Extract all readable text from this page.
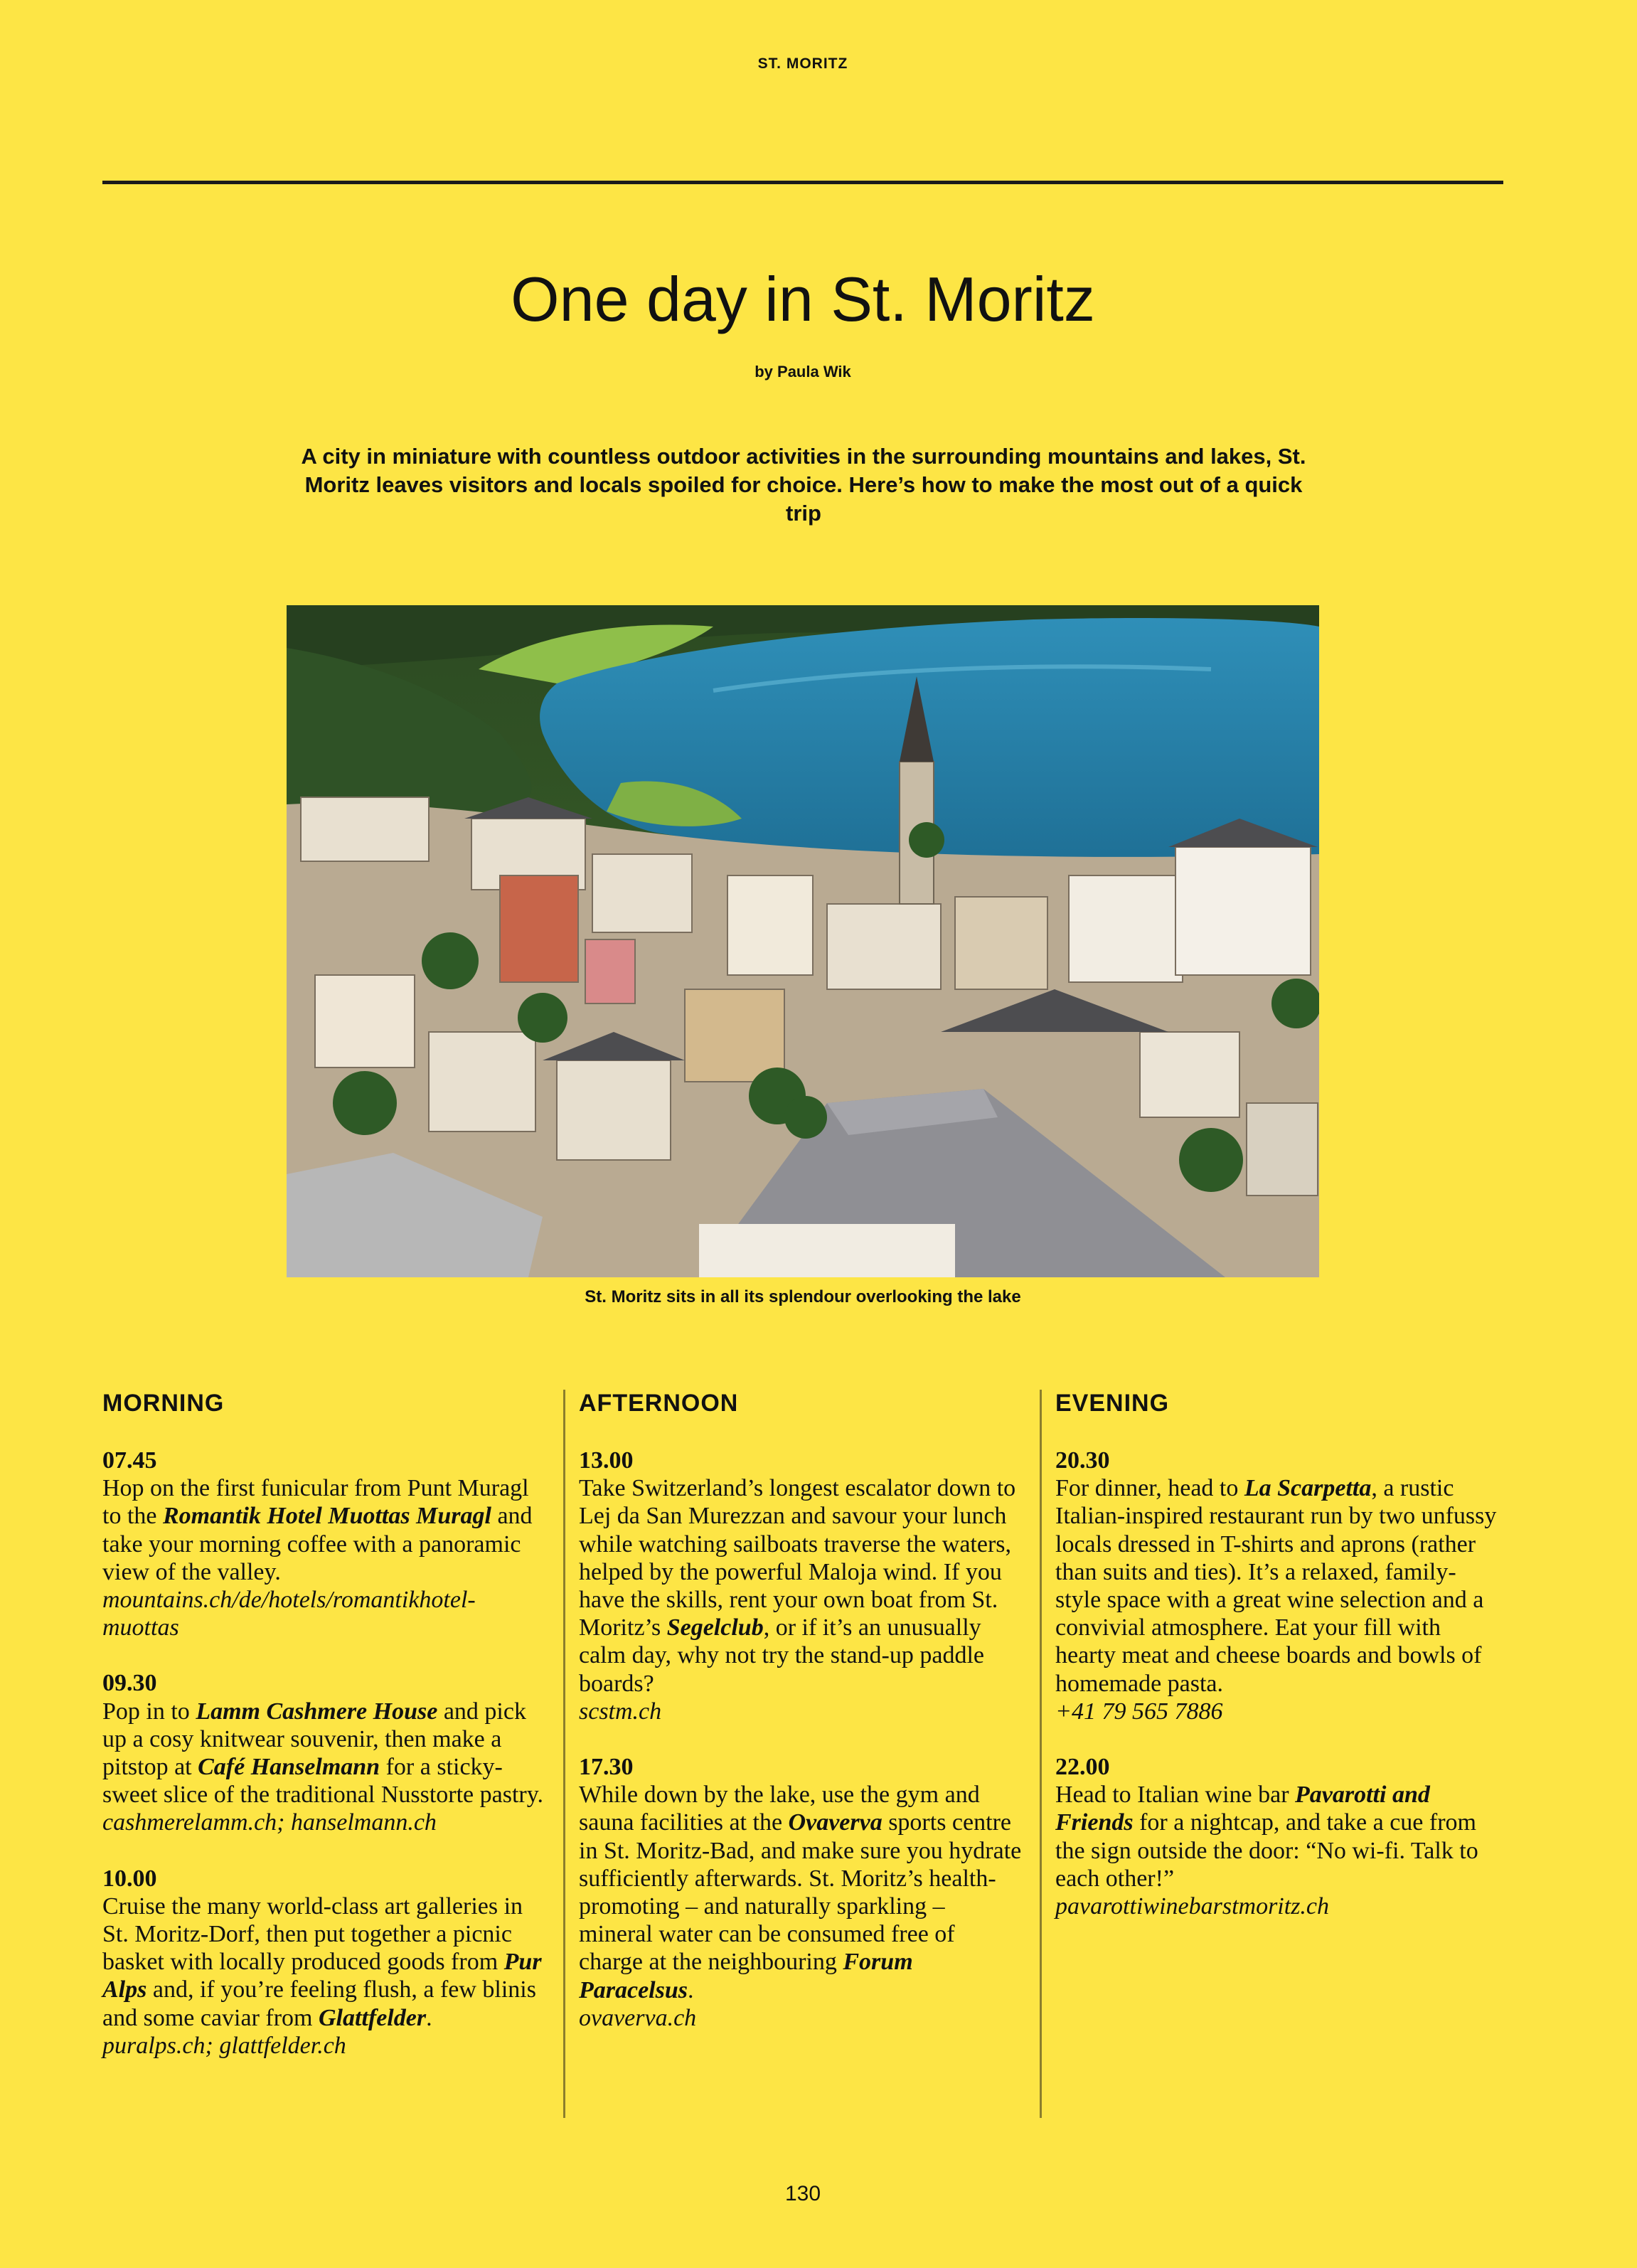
ST. MORITZ
One day in St. Moritz
by Paula Wik

A city in miniature with countless outdoor activities in the surrounding mountains and lakes, St. Moritz leaves visitors and locals spoiled for choice. Here’s how to make the most out of a quick trip

St. Moritz sits in all its splendour overlooking the lake
MORNING
07.45
Hop on the first funicular from Punt Muragl to the Romantik Hotel Muottas Muragl and take your morning coffee with a panoramic view of the valley.
mountains.ch/de/hotels/romantikhotel-muottas
09.30
Pop in to Lamm Cashmere House and pick up a cosy knitwear souvenir, then make a pitstop at Café Hanselmann for a sticky-sweet slice of the traditional Nusstorte pastry.
cashmerelamm.ch; hanselmann.ch
10.00
Cruise the many world-class art galleries in St. Moritz-Dorf, then put together a picnic basket with locally produced goods from Pur Alps and, if you’re feeling flush, a few blinis and some caviar from Glattfelder.
puralps.ch; glattfelder.ch
AFTERNOON
13.00
Take Switzerland’s longest escalator down to Lej da San Murezzan and savour your lunch while watching sailboats traverse the waters, helped by the powerful Maloja wind. If you have the skills, rent your own boat from St. Moritz’s Segelclub, or if it’s an unusually calm day, why not try the stand-up paddle boards?
scstm.ch
17.30
While down by the lake, use the gym and sauna facilities at the Ovaverva sports centre in St. Moritz-Bad, and make sure you hydrate sufficiently afterwards. St. Moritz’s health-promoting – and naturally sparkling – mineral water can be consumed free of charge at the neighbouring Forum Paracelsus.
ovaverva.ch
EVENING
20.30
For dinner, head to La Scarpetta, a rustic Italian-inspired restaurant run by two unfussy locals dressed in T-shirts and aprons (rather than suits and ties). It’s a relaxed, family-style space with a great wine selection and a convivial atmosphere. Eat your fill with hearty meat and cheese boards and bowls of homemade pasta.
+41 79 565 7886
22.00
Head to Italian wine bar Pavarotti and Friends for a nightcap, and take a cue from the sign outside the door: “No wi-fi. Talk to each other!”
pavarottiwinebarstmoritz.ch
130
